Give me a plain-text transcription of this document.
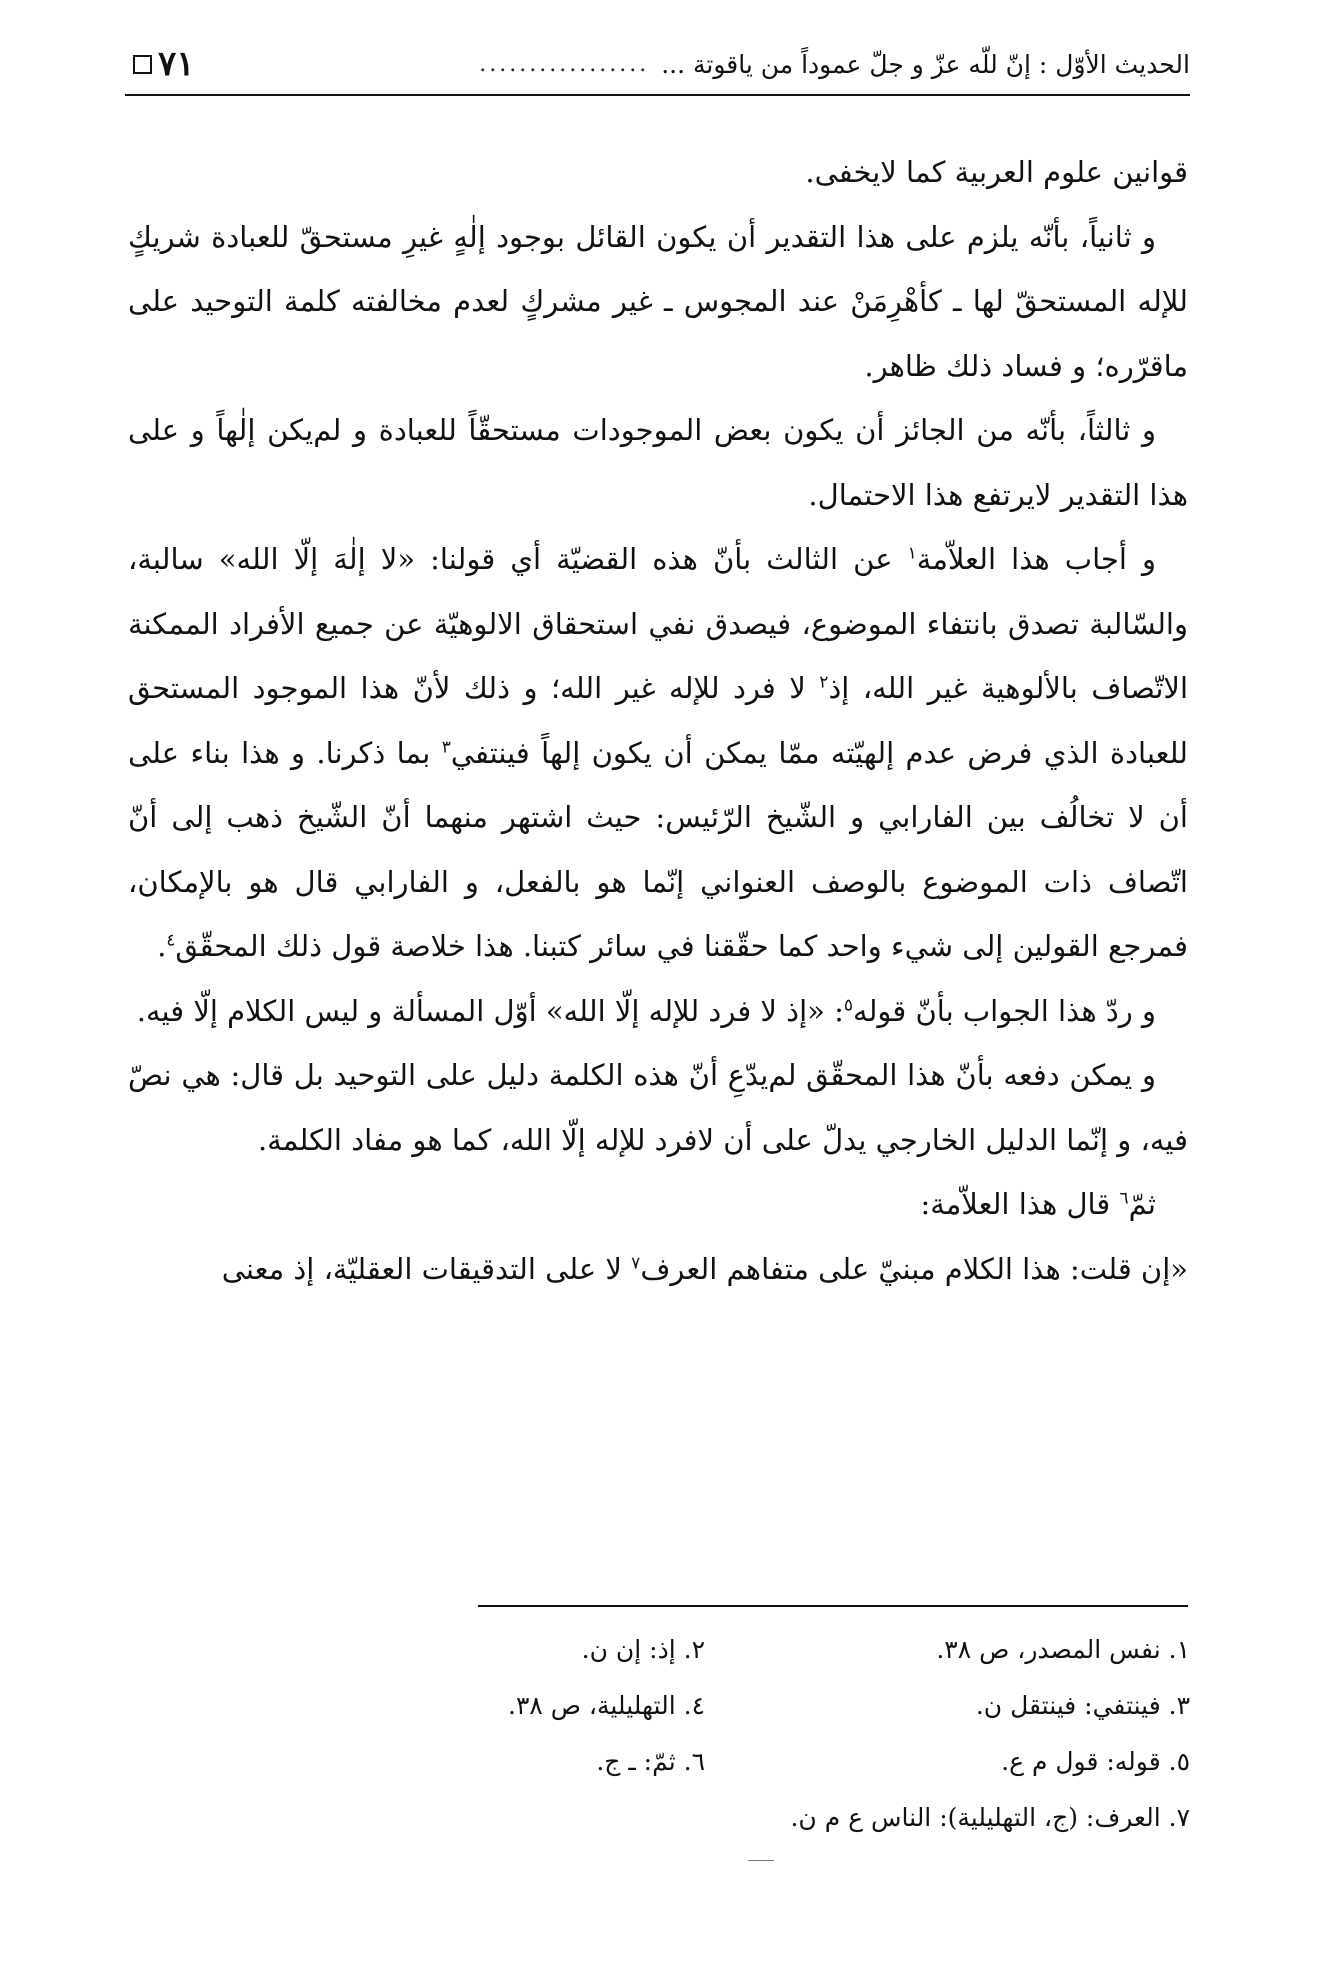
الحديث الأوّل : إنّ للّه عزّ و جلّ عموداً من ياقوتة ...
.................
٧١

قوانين علوم العربية كما لايخفى.

و ثانياً، بأنّه يلزم على هذا التقدير أن يكون القائل بوجود إلٰهٍ غيرِ مستحقّ للعبادة شريكٍ للإله المستحقّ لها ـ كأهْرِمَنْ عند المجوس ـ غير مشركٍ لعدم مخالفته كلمة التوحيد على ماقرّره؛ و فساد ذلك ظاهر.

و ثالثاً، بأنّه من الجائز أن يكون بعض الموجودات مستحقّاً للعبادة و لم‌يكن إلٰهاً و على هذا التقدير لايرتفع هذا الاحتمال.

و أجاب هذا العلاّمة$^١$ عن الثالث بأنّ هذه القضيّة أي قولنا: «لا إلٰهَ إلّا الله» سالبة، والسّالبة تصدق بانتفاء الموضوع، فيصدق نفي استحقاق الالوهيّة عن جميع الأفراد الممكنة الاتّصاف بالألوهية غير الله، إذ$^٢$ لا فرد للإله غير الله؛ و ذلك لأنّ هذا الموجود المستحق للعبادة الذي فرض عدم إلهيّته ممّا يمكن أن يكون إلهاً فينتفي$^٣$ بما ذكرنا. و هذا بناء على أن لا تخالُف بين الفارابي و الشّيخ الرّئيس: حيث اشتهر منهما أنّ الشّيخ ذهب إلى أنّ اتّصاف ذات الموضوع بالوصف العنواني إنّما هو بالفعل، و الفارابي قال هو بالإمكان، فمرجع القولين إلى شيء واحد كما حقّقنا في سائر كتبنا. هذا خلاصة قول ذلك المحقّق$^٤$.

و ردّ هذا الجواب بأنّ قوله$^٥$: «إذ لا فرد للإله إلّا الله» أوّل المسألة و ليس الكلام إلّا فيه.

و يمكن دفعه بأنّ هذا المحقّق لم‌يدّعِ أنّ هذه الكلمة دليل على التوحيد بل قال: هي نصّ فيه، و إنّما الدليل الخارجي يدلّ على أن لافرد للإله إلّا الله، كما هو مفاد الكلمة.

ثمّ$^٦$ قال هذا العلاّمة:

«إن قلت: هذا الكلام مبنيّ على متفاهم العرف$^٧$ لا على التدقيقات العقليّة، إذ معنى

١. نفس المصدر، ص ٣٨.
٢. إذ: إن ن.
٣. فينتفي: فينتقل ن.
٤. التهليلية، ص ٣٨.
٥. قوله: قول م ع.
٦. ثمّ: ـ ج.
٧. العرف: (ج، التهليلية): الناس ع م ن.
